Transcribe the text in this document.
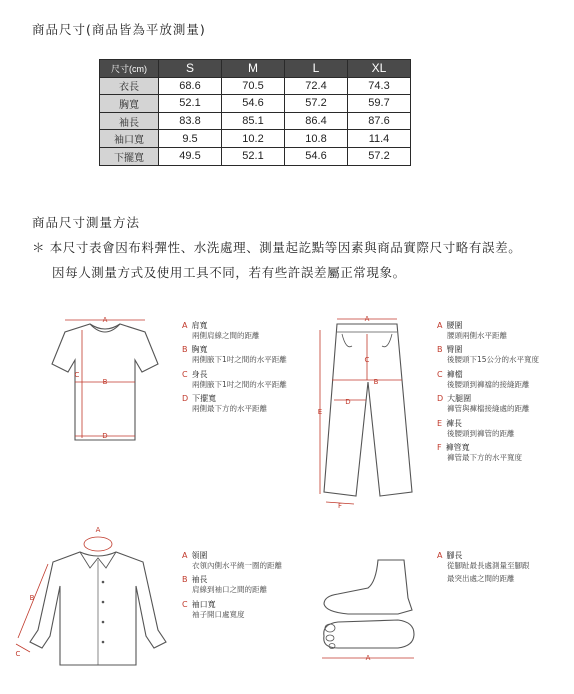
商品尺寸(商品皆為平放測量)
尺寸(cm)	S	M	L	XL
衣長	68.6	70.5	72.4	74.3
胸寬	52.1	54.6	57.2	59.7
袖長	83.8	85.1	86.4	87.6
袖口寬	9.5	10.2	10.8	11.4
下擺寬	49.5	52.1	54.6	57.2
商品尺寸測量方法
＊ 本尺寸表會因布料彈性、水洗處理、測量起訖點等因素與商品實際尺寸略有誤差。
因每人測量方式及使用工具不同，若有些許誤差屬正常現象。
A
B
C
D
A 肩寬
兩側肩線之間的距離
B 胸寬
兩側腋下1吋之間的水平距離
C 身長
兩側腋下1吋之間的水平距離
D 下擺寬
兩側最下方的水平距離
A
B
C
D
E
F
A 腰圍
腰頭兩側水平距離
B 臀圍
後腰頭下15公分的水平寬度
C 褲檔
後腰頭到褲襠的接縫距離
D 大腿圍
褲管與褲檔接縫處的距離
E 褲長
後腰頭到褲管的距離
F 褲管寬
褲管最下方的水平寬度
A
B
C
A 領圍
衣領內側水平繞一圈的距離
B 袖長
肩線到袖口之間的距離
C 袖口寬
袖子開口處寬度
A
A 腳長
從腳趾最長處測量至腳跟
最突出處之間的距離
